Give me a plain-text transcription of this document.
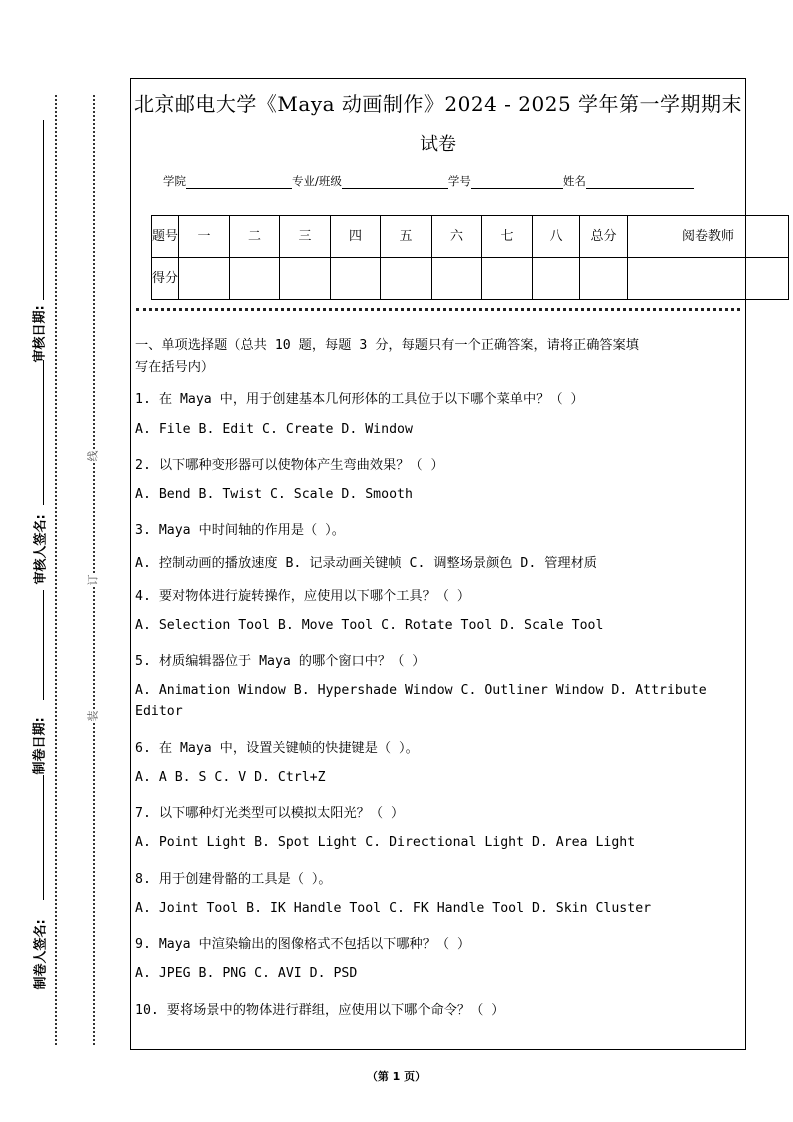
线
订
装
审核日期:
审核人签名:
制卷日期:
制卷人签名:
北京邮电大学《Maya 动画制作》2024 - 2025 学年第一学期期末
试卷
学院	专业/班级	学号	姓名
题号	一	二	三	四	五	六	七	八	总分	阅卷教师
得分										
一、单项选择题（总共 10 题，每题 3 分，每题只有一个正确答案，请将正确答案填
写在括号内）
1. 在 Maya 中，用于创建基本几何形体的工具位于以下哪个菜单中？（ ）
A. File B. Edit C. Create D. Window
2. 以下哪种变形器可以使物体产生弯曲效果？（ ）
A. Bend B. Twist C. Scale D. Smooth
3. Maya 中时间轴的作用是（ ）。
A. 控制动画的播放速度 B. 记录动画关键帧 C. 调整场景颜色 D. 管理材质
4. 要对物体进行旋转操作，应使用以下哪个工具？（ ）
A. Selection Tool B. Move Tool C. Rotate Tool D. Scale Tool
5. 材质编辑器位于 Maya 的哪个窗口中？（ ）
A. Animation Window B. Hypershade Window C. Outliner Window D. Attribute
Editor
6. 在 Maya 中，设置关键帧的快捷键是（ ）。
A. A B. S C. V D. Ctrl+Z
7. 以下哪种灯光类型可以模拟太阳光？（ ）
A. Point Light B. Spot Light C. Directional Light D. Area Light
8. 用于创建骨骼的工具是（ ）。
A. Joint Tool B. IK Handle Tool C. FK Handle Tool D. Skin Cluster
9. Maya 中渲染输出的图像格式不包括以下哪种？（ ）
A. JPEG B. PNG C. AVI D. PSD
10. 要将场景中的物体进行群组，应使用以下哪个命令？（ ）
（第 1 页）
